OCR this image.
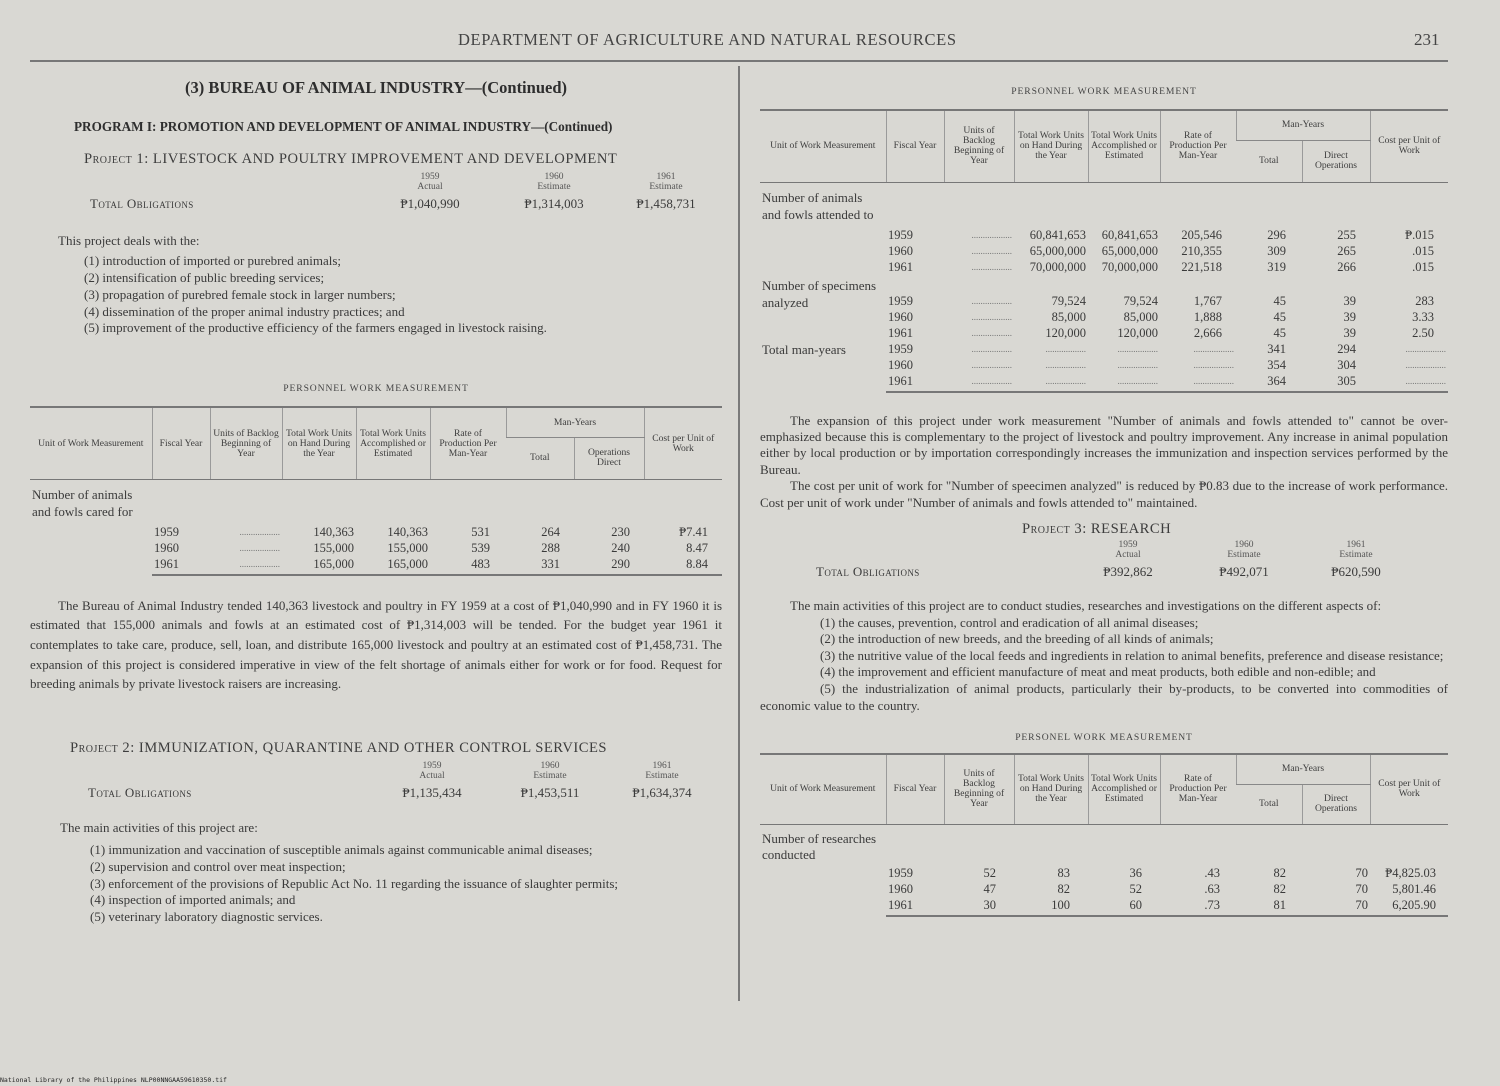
DEPARTMENT OF AGRICULTURE AND NATURAL RESOURCES	231
(3) BUREAU OF ANIMAL INDUSTRY—(Continued)
PROGRAM I: PROMOTION AND DEVELOPMENT OF ANIMAL INDUSTRY—(Continued)
Project 1: LIVESTOCK AND POULTRY IMPROVEMENT AND DEVELOPMENT
Total Obligations
1959
Actual
₱1,040,990
1960
Estimate
₱1,314,003
1961
Estimate
₱1,458,731
This project deals with the:
(1) introduction of imported or purebred animals;
(2) intensification of public breeding services;
(3) propagation of purebred female stock in larger numbers;
(4) dissemination of the proper animal industry practices; and
(5) improvement of the productive efficiency of the farmers engaged in livestock raising.
PERSONNEL WORK MEASUREMENT
Unit of Work Measurement	Fiscal Year	Units of Backlog Beginning of Year	Total Work Units on Hand During the Year	Total Work Units Accomplished or Estimated	Rate of Production Per Man-Year	Man-Years		Cost per Unit of Work
						Total	Operations Direct	

Number of animals and fowls cared for	1959	..................	140,363	140,363	531	264	230	₱7.41
	1960	..................	155,000	155,000	539	288	240	8.47
	1961	..................	165,000	165,000	483	331	290	8.84
The Bureau of Animal Industry tended 140,363 livestock and poultry in FY 1959 at a cost of ₱1,040,990 and in FY 1960 it is estimated that 155,000 animals and fowls at an estimated cost of ₱1,314,003 will be tended. For the budget year 1961 it contemplates to take care, produce, sell, loan, and distribute 165,000 livestock and poultry at an estimated cost of ₱1,458,731. The expansion of this project is considered imperative in view of the felt shortage of animals either for work or for food. Request for breeding animals by private livestock raisers are increasing.
Project 2: IMMUNIZATION, QUARANTINE AND OTHER CONTROL SERVICES
Total Obligations
1959
Actual
₱1,135,434
1960
Estimate
₱1,453,511
1961
Estimate
₱1,634,374
The main activities of this project are:
(1) immunization and vaccination of susceptible animals against communicable animal diseases;
(2) supervision and control over meat inspection;
(3) enforcement of the provisions of Republic Act No. 11 regarding the issuance of slaughter permits;
(4) inspection of imported animals; and
(5) veterinary laboratory diagnostic services.
PERSONNEL WORK MEASUREMENT
Unit of Work Measurement	Fiscal Year	Units of Backlog Beginning of Year	Total Work Units on Hand During the Year	Total Work Units Accomplished or Estimated	Rate of Production Per Man-Year	Man-Years		Cost per Unit of Work
						Total	Direct Operations	

Number of animals and fowls attended to	1959	..................	60,841,653	60,841,653	205,546	296	255	₱.015
	1960	..................	65,000,000	65,000,000	210,355	309	265	.015
	1961	..................	70,000,000	70,000,000	221,518	319	266	.015
Number of specimens analyzed	1959	..................	79,524	79,524	1,767	45	39	283
	1960	..................	85,000	85,000	1,888	45	39	3.33
	1961	..................	120,000	120,000	2,666	45	39	2.50
Total man-years	1959	..................	..................	..................	..................	341	294	..................
	1960	..................	..................	..................	..................	354	304	..................
	1961	..................	..................	..................	..................	364	305	..................
The expansion of this project under work measurement "Number of animals and fowls attended to" cannot be over-emphasized because this is complementary to the project of livestock and poultry improvement. Any increase in animal population either by local production or by importation correspondingly increases the immunization and inspection services performed by the Bureau.
The cost per unit of work for "Number of speecimen analyzed" is reduced by ₱0.83 due to the increase of work performance. Cost per unit of work under "Number of animals and fowls attended to" maintained.
Project 3: RESEARCH
Total Obligations
1959
Actual
₱392,862
1960
Estimate
₱492,071
1961
Estimate
₱620,590
The main activities of this project are to conduct studies, researches and investigations on the different aspects of:
(1) the causes, prevention, control and eradication of all animal diseases;
(2) the introduction of new breeds, and the breeding of all kinds of animals;
(3) the nutritive value of the local feeds and ingredients in relation to animal benefits, preference and disease resistance;
(4) the improvement and efficient manufacture of meat and meat products, both edible and non-edible; and
(5) the industrialization of animal products, particularly their by-products, to be converted into commodities of economic value to the country.
PERSONEL WORK MEASUREMENT
Unit of Work Measurement	Fiscal Year	Units of Backlog Beginning of Year	Total Work Units on Hand During the Year	Total Work Units Accomplished or Estimated	Rate of Production Per Man-Year	Man-Years		Cost per Unit of Work
						Total	Direct Operations	

Number of researches conducted	1959	52	83	36	.43	82	70	₱4,825.03
	1960	47	82	52	.63	82	70	5,801.46
	1961	30	100	60	.73	81	70	6,205.90
National Library of the Philippines NLP00NNGAA59610350.tif
